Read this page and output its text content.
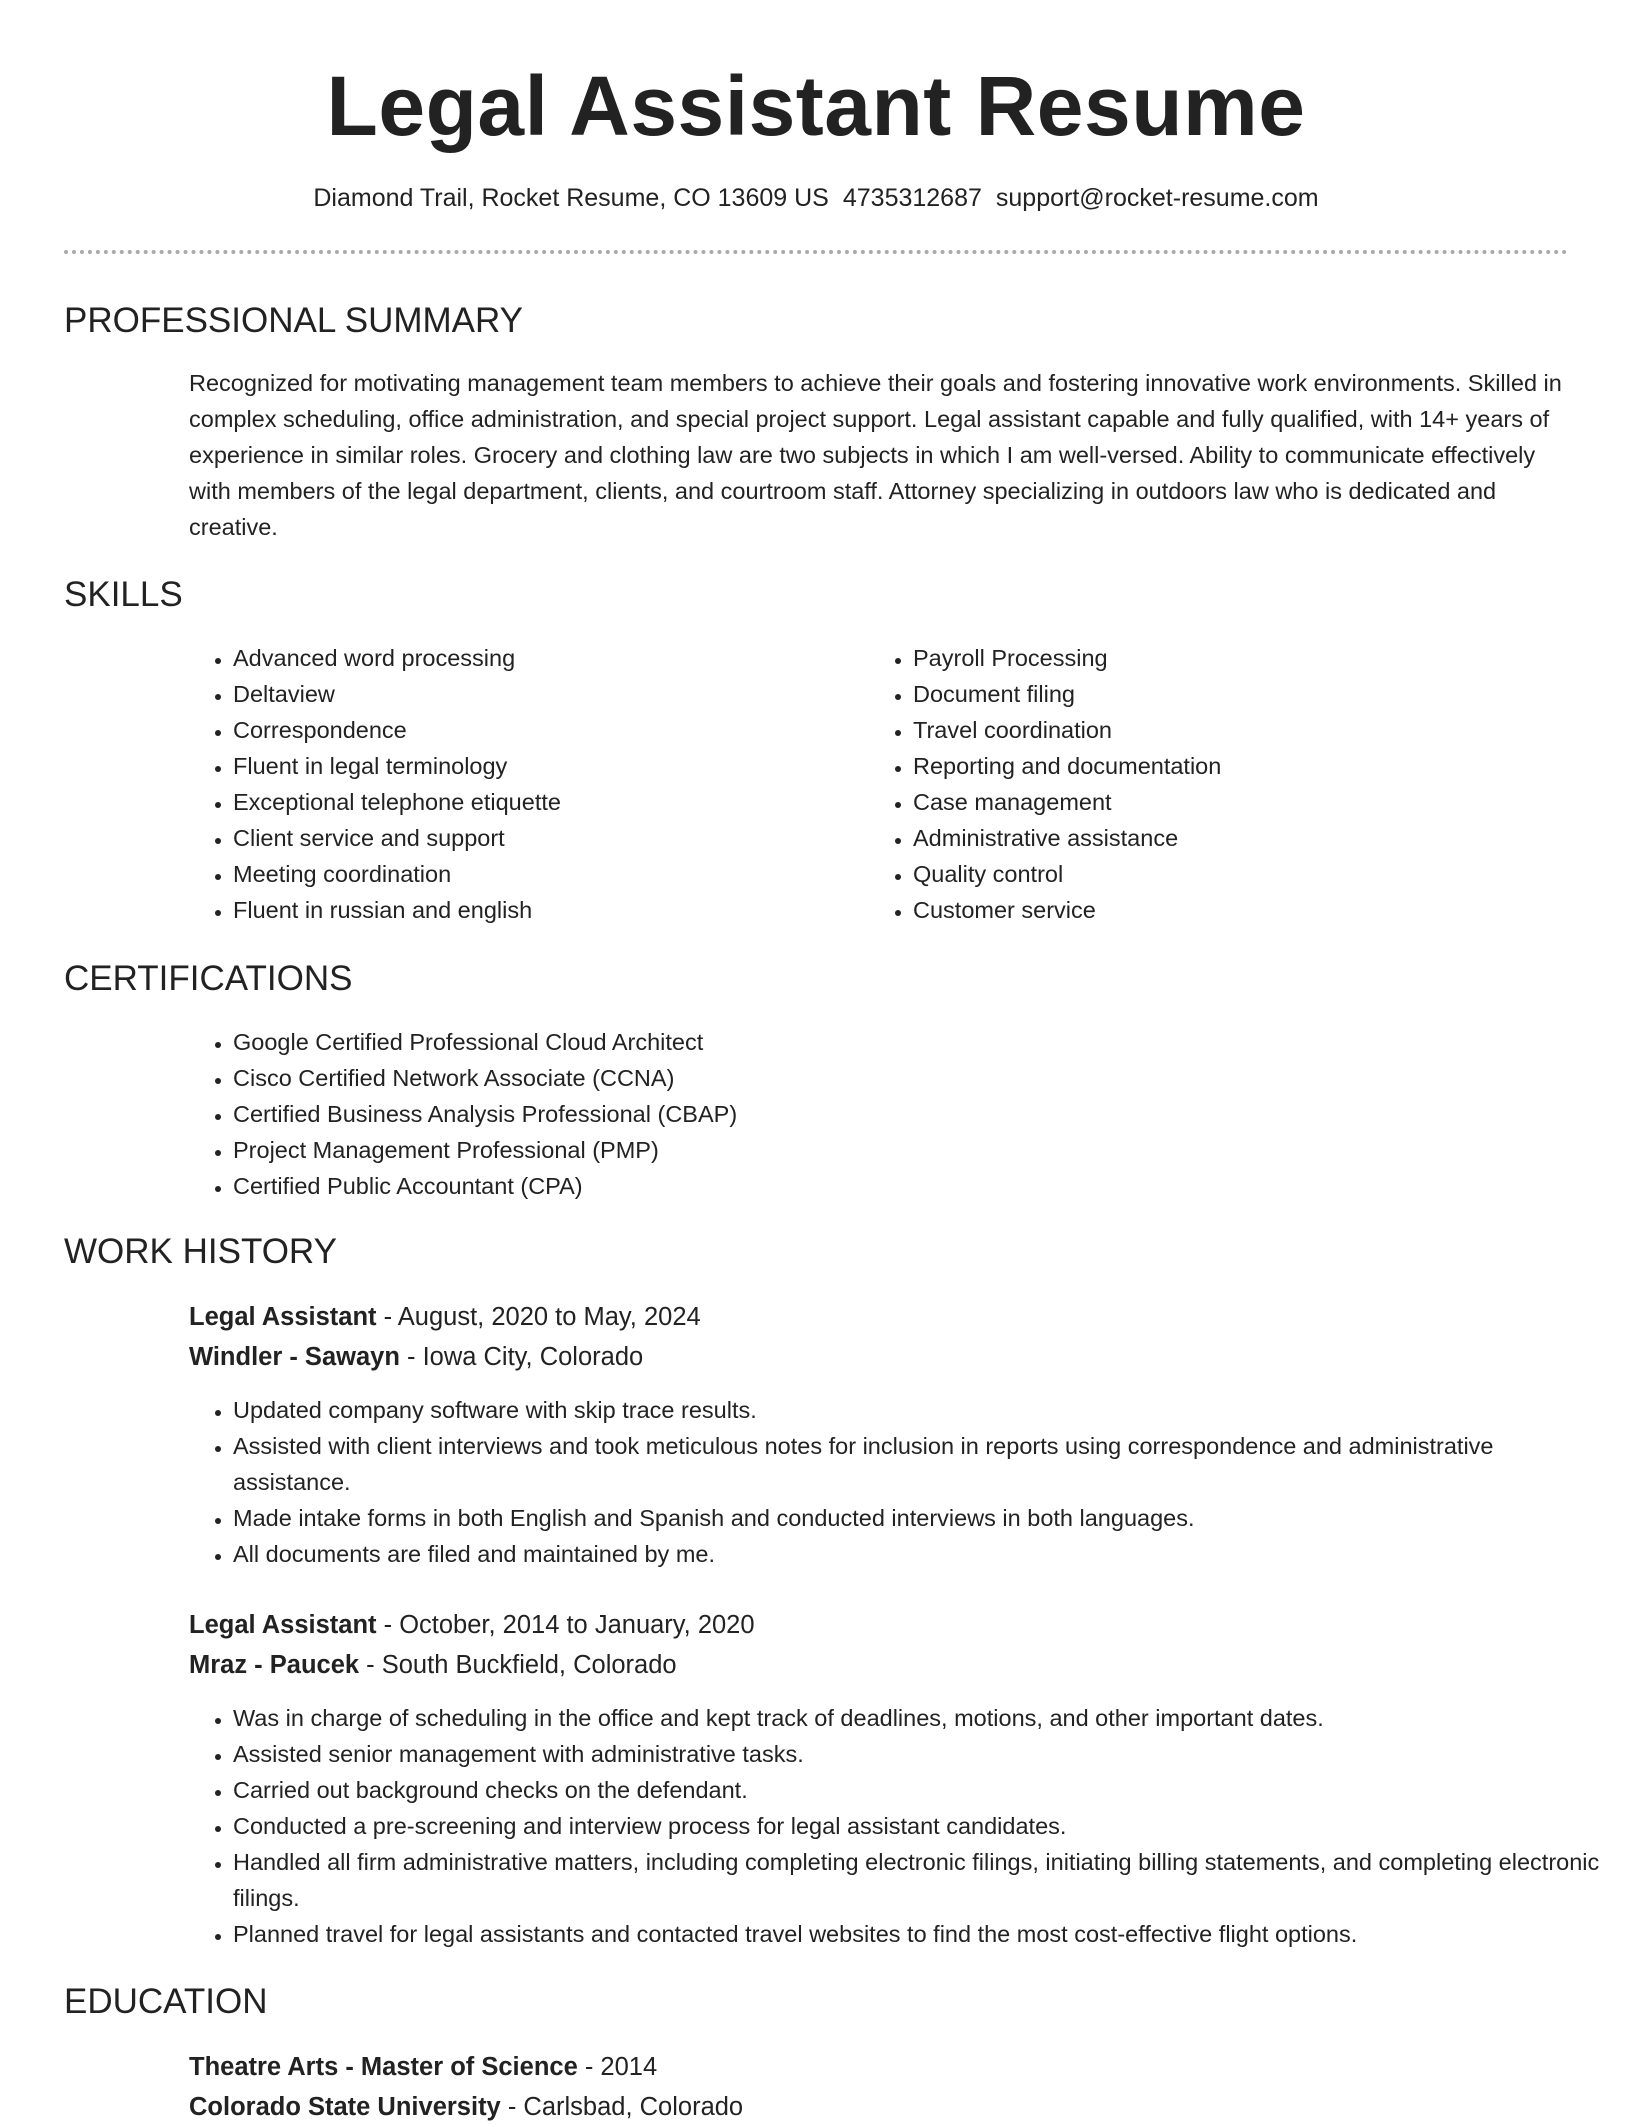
Legal Assistant Resume
Diamond Trail, Rocket Resume, CO 13609 US 4735312687 support@rocket-resume.com
PROFESSIONAL SUMMARY

Recognized for motivating management team members to achieve their goals and fostering innovative work environments. Skilled in complex scheduling, office administration, and special project support. Legal assistant capable and fully qualified, with 14+ years of experience in similar roles. Grocery and clothing law are two subjects in which I am well-versed. Ability to communicate effectively with members of the legal department, clients, and courtroom staff. Attorney specializing in outdoors law who is dedicated and creative.

SKILLS
• Advanced word processing
• Deltaview
• Correspondence
• Fluent in legal terminology
• Exceptional telephone etiquette
• Client service and support
• Meeting coordination
• Fluent in russian and english
• Payroll Processing
• Document filing
• Travel coordination
• Reporting and documentation
• Case management
• Administrative assistance
• Quality control
• Customer service
CERTIFICATIONS
• Google Certified Professional Cloud Architect
• Cisco Certified Network Associate (CCNA)
• Certified Business Analysis Professional (CBAP)
• Project Management Professional (PMP)
• Certified Public Accountant (CPA)
WORK HISTORY
Legal Assistant - August, 2020 to May, 2024
Windler - Sawayn - Iowa City, Colorado
• Updated company software with skip trace results.
• Assisted with client interviews and took meticulous notes for inclusion in reports using correspondence and administrative assistance.
• Made intake forms in both English and Spanish and conducted interviews in both languages.
• All documents are filed and maintained by me.
Legal Assistant - October, 2014 to January, 2020
Mraz - Paucek - South Buckfield, Colorado
• Was in charge of scheduling in the office and kept track of deadlines, motions, and other important dates.
• Assisted senior management with administrative tasks.
• Carried out background checks on the defendant.
• Conducted a pre-screening and interview process for legal assistant candidates.
• Handled all firm administrative matters, including completing electronic filings, initiating billing statements, and completing electronic filings.
• Planned travel for legal assistants and contacted travel websites to find the most cost-effective flight options.
EDUCATION
Theatre Arts - Master of Science - 2014
Colorado State University - Carlsbad, Colorado
